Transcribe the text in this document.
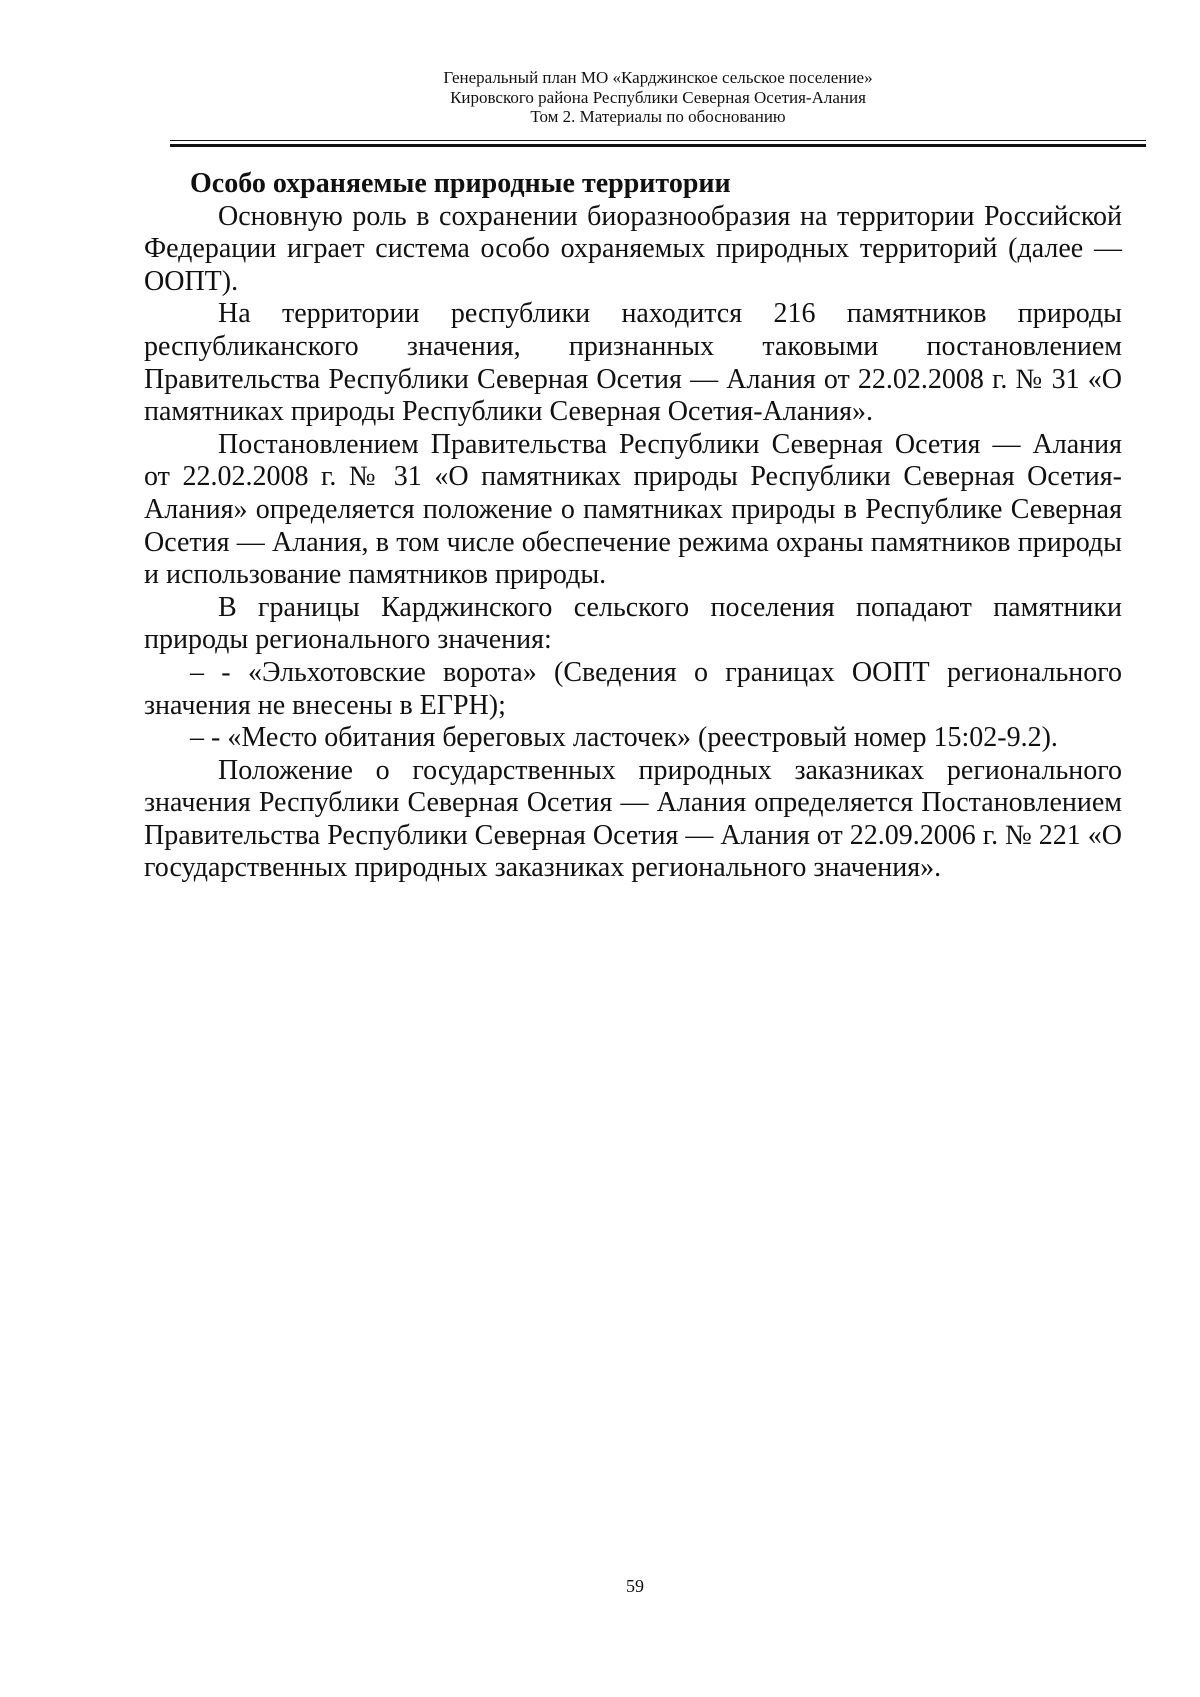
Генеральный план МО «Карджинское сельское поселение»
Кировского района Республики Северная Осетия-Алания
Том 2. Материалы по обоснованию

Особо охраняемые природные территории

Основную роль в сохранении биоразнообразия на территории Российской Федерации играет система особо охраняемых природных территорий (далее — ООПТ).

На территории республики находится 216 памятников природы республиканского значения, признанных таковыми постановлением Правительства Республики Северная Осетия — Алания от 22.02.2008 г. № 31 «О памятниках природы Республики Северная Осетия-Алания».

Постановлением Правительства Республики Северная Осетия — Алания от 22.02.2008 г. № 31 «О памятниках природы Республики Северная Осетия-Алания» определяется положение о памятниках природы в Республике Северная Осетия — Алания, в том числе обеспечение режима охраны памятников природы и использование памятников природы.

В границы Карджинского сельского поселения попадают памятники природы регионального значения:

– - «Эльхотовские ворота» (Сведения о границах ООПТ регионального значения не внесены в ЕГРН);

– - «Место обитания береговых ласточек» (реестровый номер 15:02-9.2).

Положение о государственных природных заказниках регионального значения Республики Северная Осетия — Алания определяется Постановлением Правительства Республики Северная Осетия — Алания от 22.09.2006 г. № 221 «О государственных природных заказниках регионального значения».

59
